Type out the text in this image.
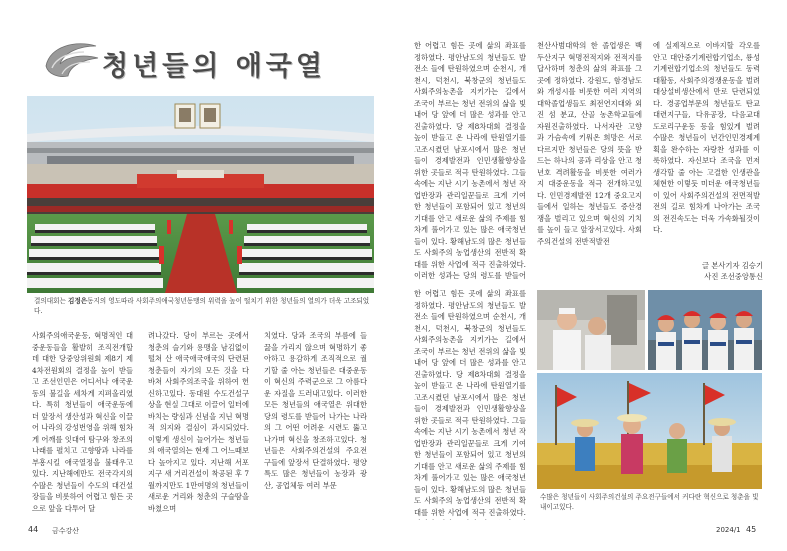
청년들의 애국열
결의대회는 김정은동지의 영도따라 사회주의애국청년동맹의 위력을 높이 떨치기 위한 청년들의 열의가 더욱 고조되었다.

사회주의애국운동, 혁명적인 대중운동들을 활발히 조직전개할데 대한 당중앙위원회 제8기 제4차전원회의 결정을 높이 받들고 조선인민은 어디서나 애국운동의 불길을 세차게 지펴올리였다. 특히 청년들이 애국운동에 더 앞장서 생산성과 혁신을 이끌어 나라의 강성번영을 위해 힘차게 어깨를 잇대여 탐구와 창조의 나래를 펼치고 고향땅과 나라를 부흥시킬 애국열정을 불태우고 있다. 지난해에만도 전국각지의 수많은 청년들이 수도의 대건설장들을 비롯하여 어렵고 힘든 곳으로 앞을 다투어 달

려나갔다. 당이 부르는 곳에서 청춘의 슬기와 용맹을 남김없이 떨쳐 산 애국애국애국의 단련된 청춘들이 자기의 모든 것을 다 바쳐 사회주의조국을 위하여 헌신하고있다. 동대원 수도건설구상을 현실 그대로 이끌어 일터에 바치는 량심과 신념을 지닌 혁명적 의지와 결심이 과시되었다. 이렇게 생신이 늘어가는 청년들의 애국열의는 현재 그 어느때보다 높아지고 있다. 지난해 서포지구 새 거리건설이 착공된 후 7월까지만도 1만여명의 청년들이 새로운 거리와 청춘의 구슬땀을 바쳤으며

치였다. 당과 조국의 부름에 들끓을 가리지 않으며 혁명하기 좋아하고 용감하게 조직적으로 궐기할 줄 아는 청년들은 대중운동이 혁신의 주력군으로 그 아름다운 자질을 드러내고있다. 이러한 모든 청년들의 애국열은 위대한 당의 령도를 받들어 나가는 나라의 그 어떤 어려운 시련도 뚫고 나가며 혁신을 창조하고있다. 청년들은 사회주의건설의 주요전구들에 앞장서 단결하였다. 평양특도 많은 청년들이 농장과 광산, 공업체등 여러 부문

44 금수강산

한 어렵고 힘든 곳에 삶의 좌표를 정하였다. 평안남도의 청년들도 발전소 들에 탄원하였으며 순천시, 개천시, 덕천시, 북창군의 청년들도 사회주의농촌을 지키가는 길에서 조국이 부르는 청년 전위의 삶을 빛내어 당 앞에 더 많은 성과를 안고 진출하였다. 당 제8차대회 결정을 높이 받들고 온 나라에 탄원열기를 고조시켰던 남포시에서 많은 청년들이 경제발전과 인민생활향상을 위한 곳들로 적극 탄원하였다. 그들속에는 지난 시기 농촌에서 청년 작업반장과 관리일꾼들로 크게 기여한 청년들이 포함되어 있고 청년의 기대를 안고 새로운 삶의 주제를 힘차게 풀어가고 있는 많은 애국청년들이 있다. 황해남도의 많은 청년들도 사회주의 농업생산의 전반적 확대를 위한 사업에 적극 진출하였다. 이러한 성과는 당의 령도를 받들어

천산사범대학의 한 졸업생은 백두산지구 혁명전적지와 전적지를 답사하며 청춘의 삶의 좌표를 그곳에 정하였다. 강원도, 함경남도와 개성시를 비롯한 여러 지역의 대학졸업생들도 최전연지대와 외진 섬 분교, 산골 농촌학교들에 자원진출하였다. 나서자란 고향과 가슴속에 키워온 희망은 서로 다르지만 청년들은 당의 뜻을 받드는 하나의 공과 리상을 안고 청년호 격려활동을 비롯한 여러가지 대중운동을 적극 전개하고있다. 인민경제발전 12개 중요고지들에서 일하는 청년들도 증산경쟁을 벌리고 있으며 혁신의 기치를 높이 들고 앞장서고있다. 사회주의건설의 전반적발전

에 실제적으로 이바지할 각오를 안고 대안중기계런합기업소, 룡성기계런합기업소의 청년들도 동력대활동, 사회주의경쟁운동을 벌려 대상설비생산에서 만로 단련되었다. 경공업부문의 청년들도 탄교대련지구들, 다유공장, 다음교대도로리구운동 등을 힘있게 벌려 수많은 청년들이 년간인민경제계획을 완수하는 자랑찬 성과를 이룩하였다. 자신보다 조국을 먼저 생각할 줄 아는 고결한 인생관을 체현한 이렇듯 미더운 애국청년들이 있어 사회주의건설의 전면적발전의 길로 힘차게 나아가는 조국의 전진속도는 더욱 가속화될것이다.

글 본사기자 김승기
사진 조선중앙통신

한 어렵고 힘든 곳에 삶의 좌표를 정하였다. 평안남도의 청년들도 발전소 들에 탄원하였으며 순천시, 개천시, 덕천시, 북창군의 청년들도 사회주의농촌을 지키가는 길에서 조국이 부르는 청년 전위의 삶을 빛내어 당 앞에 더 많은 성과를 안고 진출하였다. 당 제8차대회 결정을 높이 받들고 온 나라에 탄원열기를 고조시켰던 남포시에서 많은 청년들이 경제발전과 인민생활향상을 위한 곳들로 적극 탄원하였다. 그들속에는 지난 시기 농촌에서 청년 작업반장과 관리일꾼들로 크게 기여한 청년들이 포함되어 있고 청년의 기대를 안고 새로운 삶의 주제를 힘차게 풀어가고 있는 많은 애국청년들이 있다. 황해남도의 많은 청년들도 사회주의 농업생산의 전반적 확대를 위한 사업에 적극 진출하였다.

수많은 청년들이 사회주의건설의 주요전구들에서 커다란 혁신으로 청춘을 빛내이고있다.
2024/1 45
